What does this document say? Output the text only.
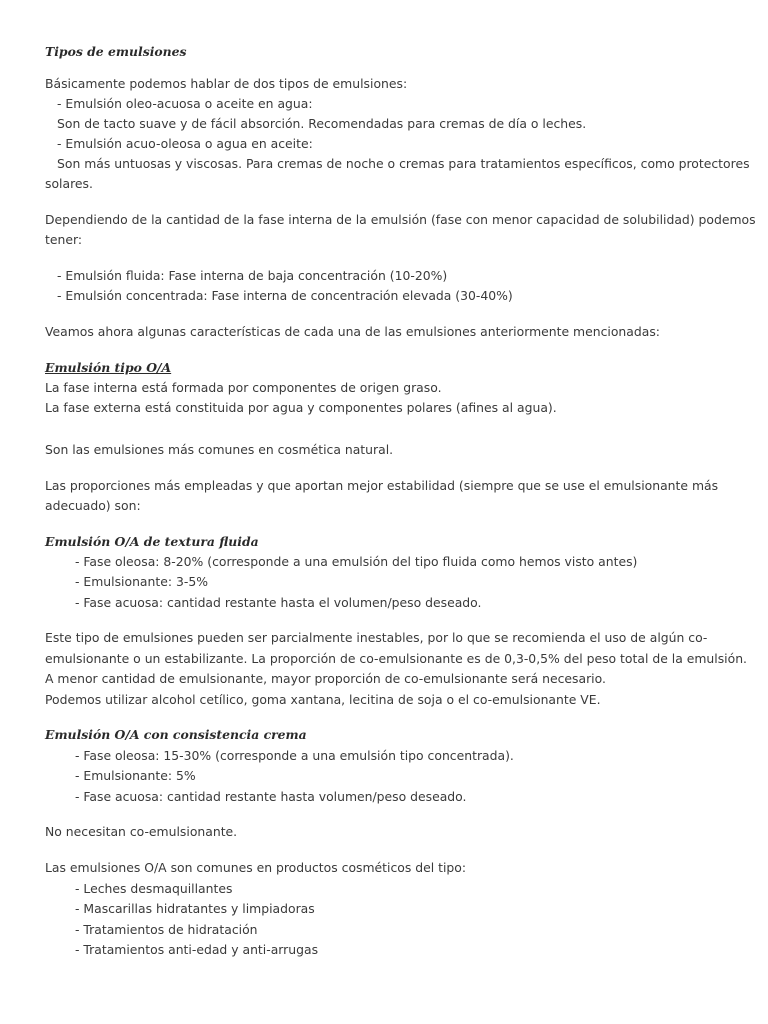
Tipos de emulsiones
Básicamente podemos hablar de dos tipos de emulsiones:
- Emulsión oleo-acuosa o aceite en agua:
Son de tacto suave y de fácil absorción. Recomendadas para cremas de día o leches.
- Emulsión acuo-oleosa o agua en aceite:
Son más untuosas y viscosas. Para cremas de noche o cremas para tratamientos específicos, como protectores
solares.
Dependiendo de la cantidad de la fase interna de la emulsión (fase con menor capacidad de solubilidad) podemos
tener:
- Emulsión fluida: Fase interna de baja concentración (10-20%)
- Emulsión concentrada: Fase interna de concentración elevada (30-40%)
Veamos ahora algunas características de cada una de las emulsiones anteriormente mencionadas:
Emulsión tipo O/A
La fase interna está formada por componentes de origen graso.
La fase externa está constituida por agua y componentes polares (afines al agua).
Son las emulsiones más comunes en cosmética natural.
Las proporciones más empleadas y que aportan mejor estabilidad (siempre que se use el emulsionante más
adecuado) son:
Emulsión O/A de textura fluida
- Fase oleosa: 8-20% (corresponde a una emulsión del tipo fluida como hemos visto antes)
- Emulsionante: 3-5%
- Fase acuosa: cantidad restante hasta el volumen/peso deseado.
Este tipo de emulsiones pueden ser parcialmente inestables, por lo que se recomienda el uso de algún co-
emulsionante o un estabilizante. La proporción de co-emulsionante es de 0,3-0,5% del peso total de la emulsión.
A menor cantidad de emulsionante, mayor proporción de co-emulsionante será necesario.
Podemos utilizar alcohol cetílico, goma xantana, lecitina de soja o el co-emulsionante VE.
Emulsión O/A con consistencia crema
- Fase oleosa: 15-30% (corresponde a una emulsión tipo concentrada).
- Emulsionante: 5%
- Fase acuosa: cantidad restante hasta volumen/peso deseado.
No necesitan co-emulsionante.
Las emulsiones O/A son comunes en productos cosméticos del tipo:
- Leches desmaquillantes
- Mascarillas hidratantes y limpiadoras
- Tratamientos de hidratación
- Tratamientos anti-edad y anti-arrugas
